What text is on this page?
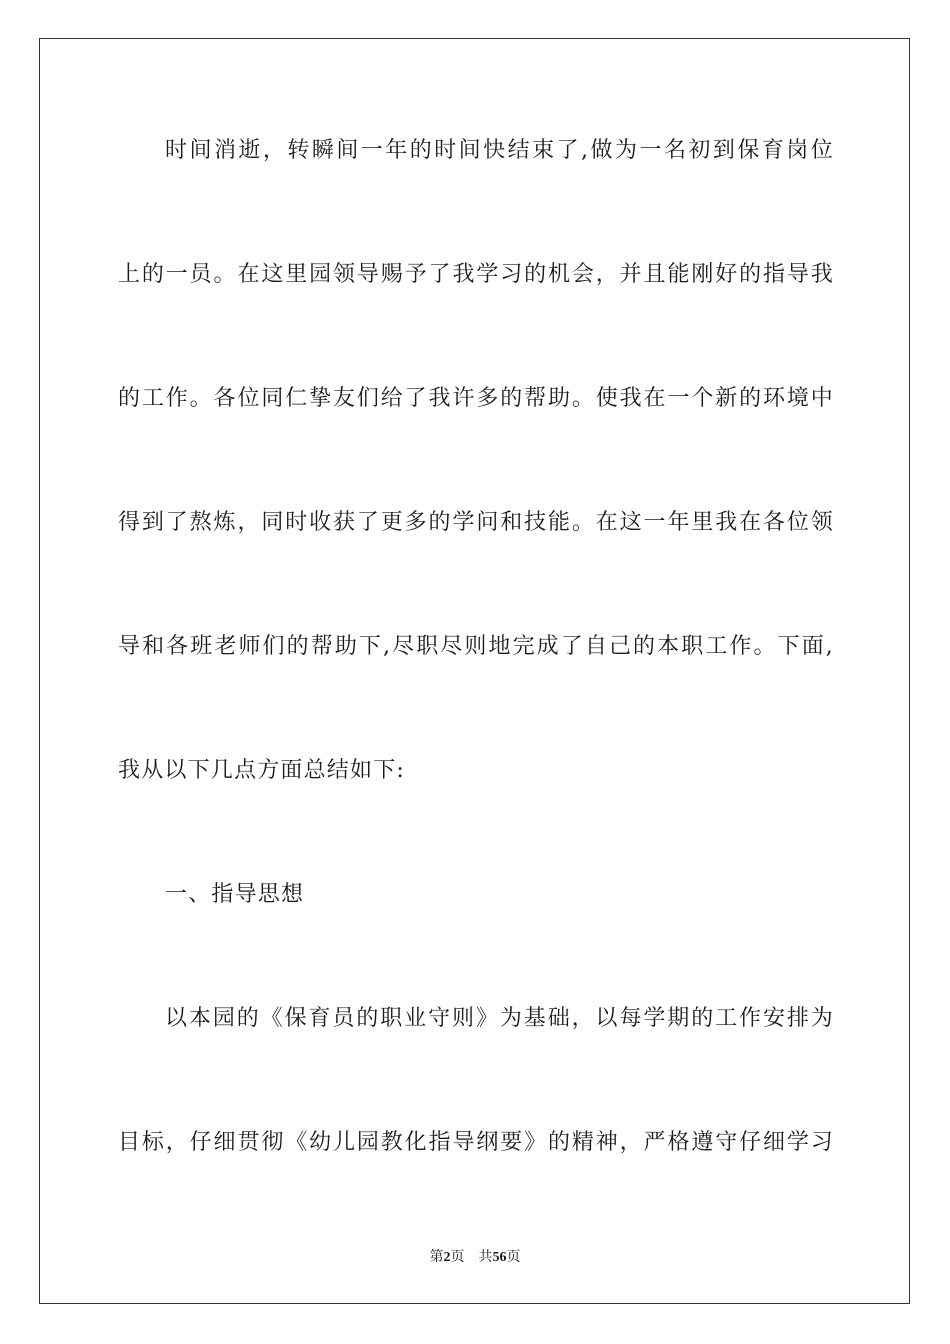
时间消逝，转瞬间一年的时间快结束了,做为一名初到保育岗位
上的一员。在这里园领导赐予了我学习的机会，并且能刚好的指导我
的工作。各位同仁挚友们给了我许多的帮助。使我在一个新的环境中
得到了熬炼，同时收获了更多的学问和技能。在这一年里我在各位领
导和各班老师们的帮助下,尽职尽则地完成了自己的本职工作。下面,
我从以下几点方面总结如下:
一、指导思想
以本园的《保育员的职业守则》为基础，以每学期的工作安排为
目标，仔细贯彻《幼儿园教化指导纲要》的精神，严格遵守仔细学习
第2页 共56页
